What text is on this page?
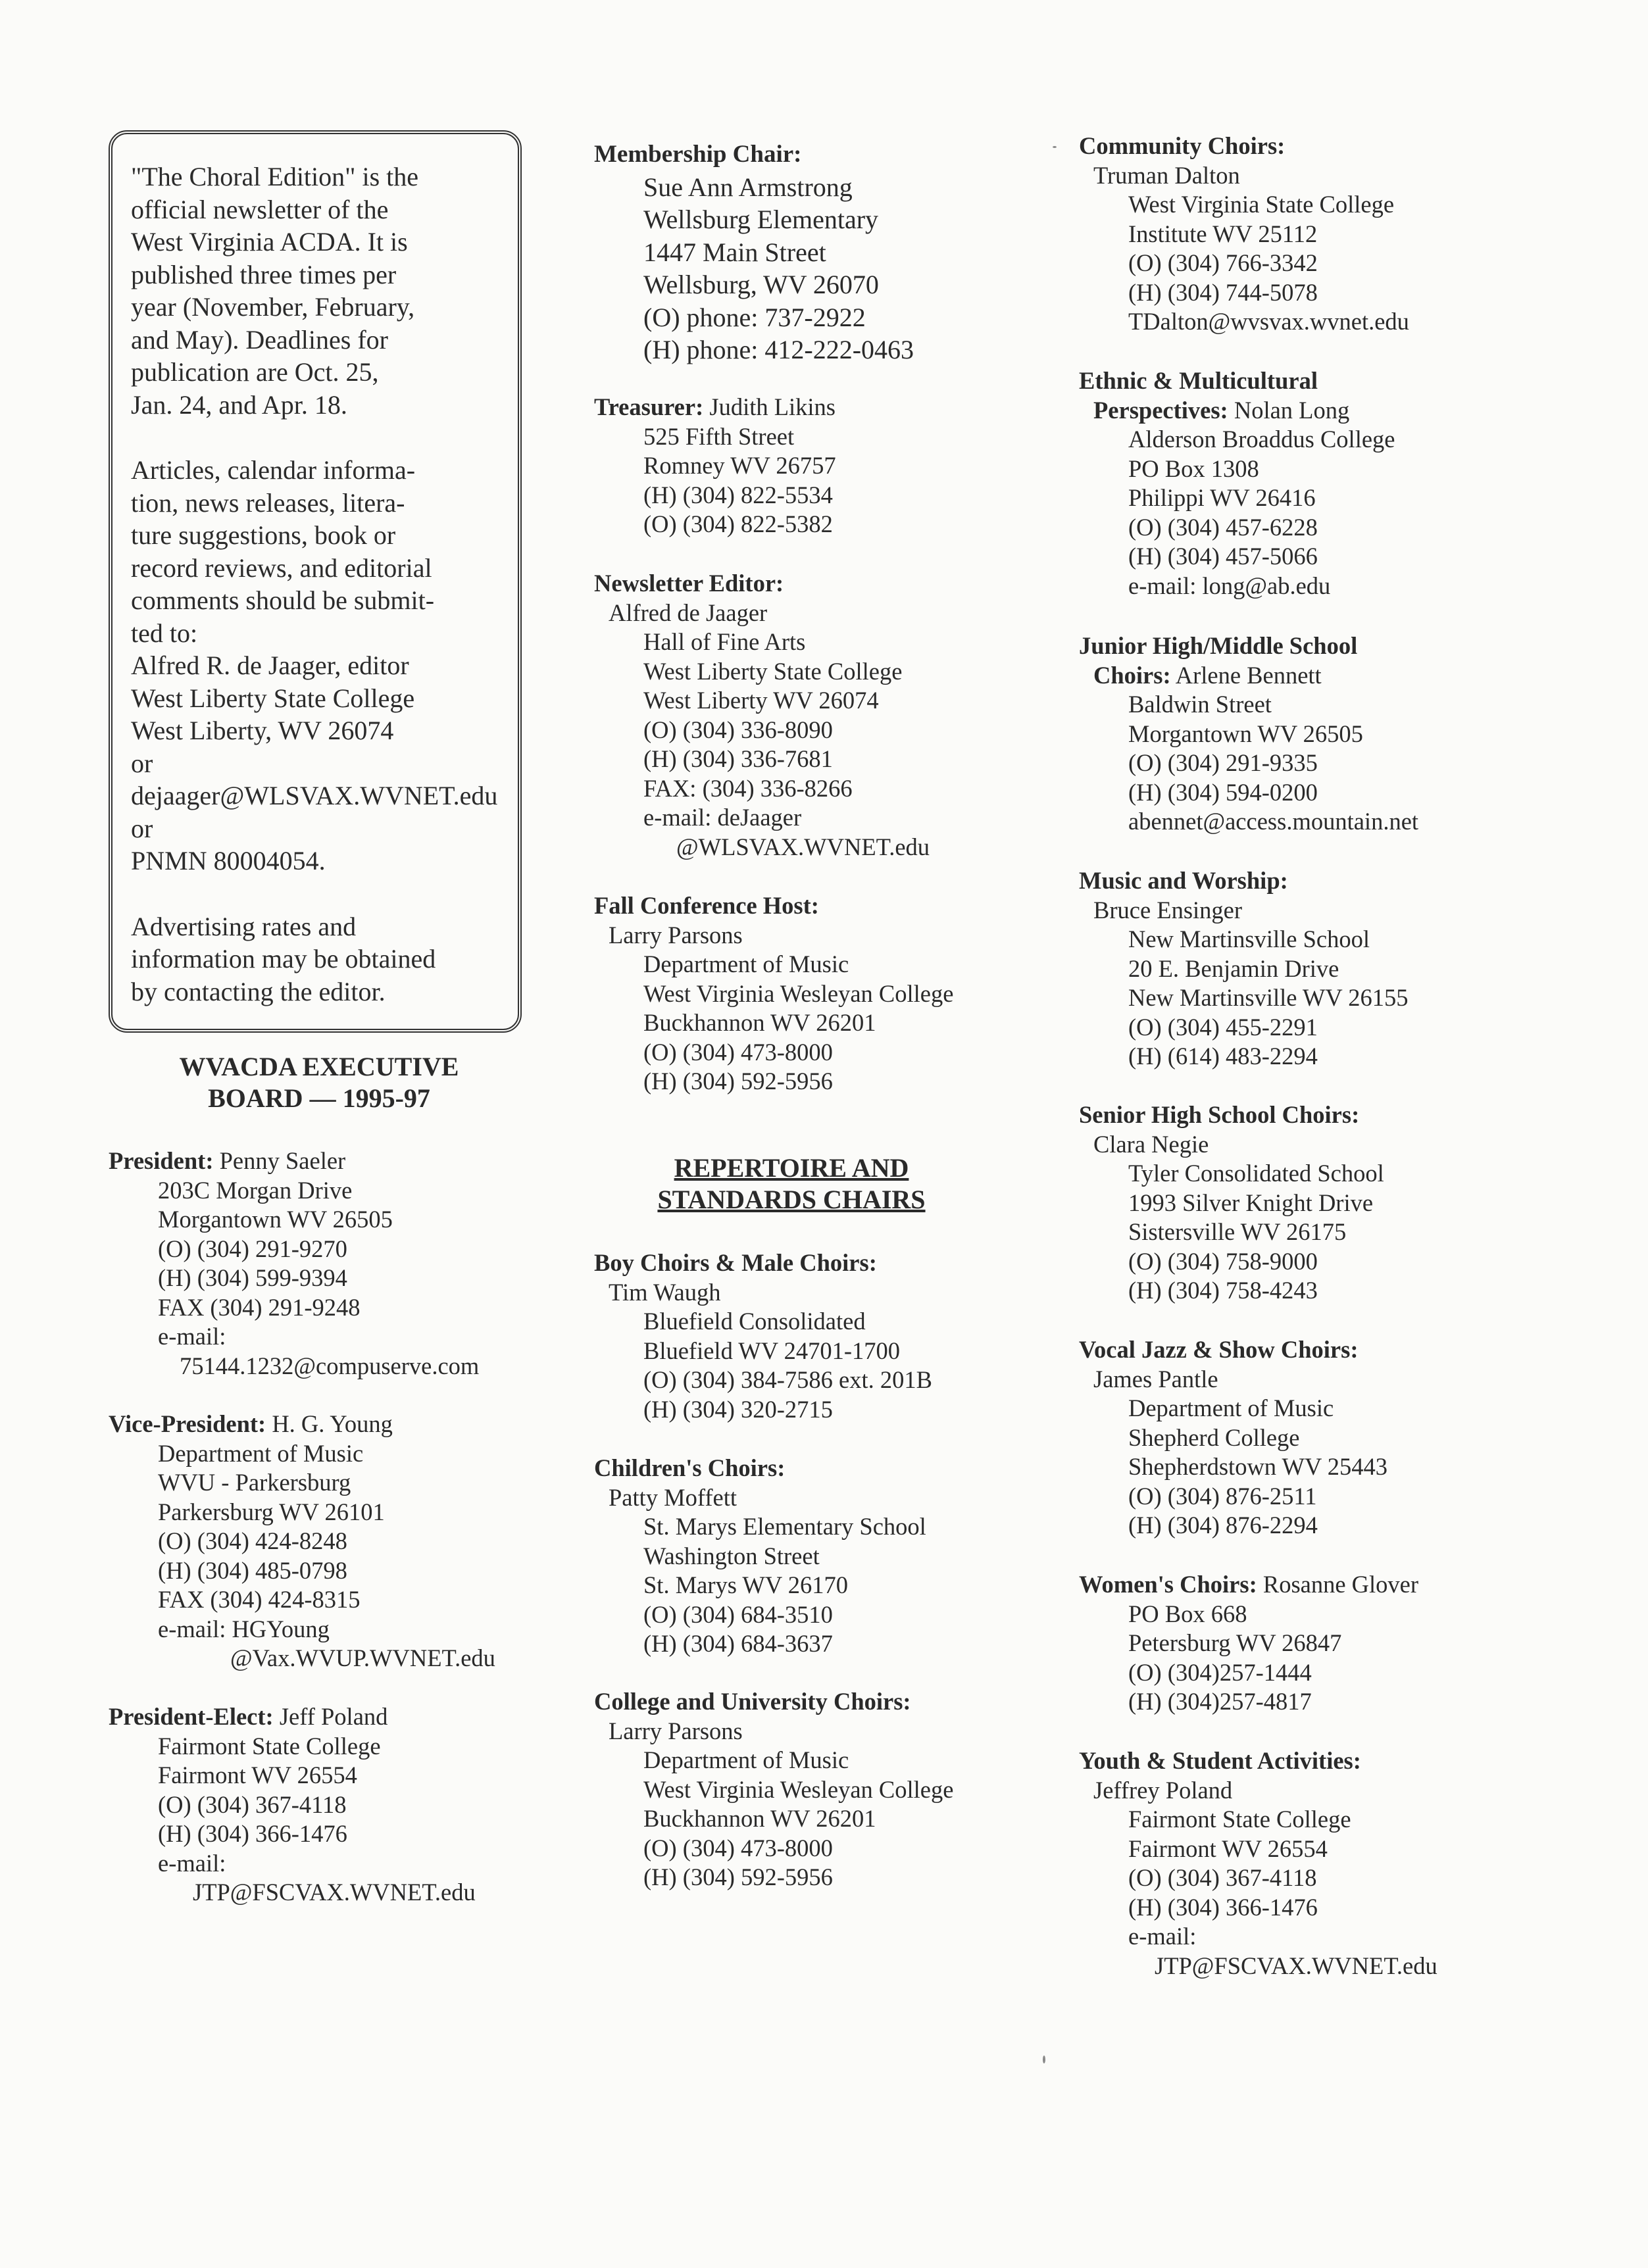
"The Choral Edition" is the
official newsletter of the
West Virginia ACDA. It is
published three times per
year (November, February,
and May). Deadlines for
publication are Oct. 25,
Jan. 24, and Apr. 18.

Articles, calendar informa-
tion, news releases, litera-
ture suggestions, book or
record reviews, and editorial
comments should be submit-
ted to:
Alfred R. de Jaager, editor
West Liberty State College
West Liberty, WV 26074
or
dejaager@WLSVAX.WVNET.edu
or
PNMN 80004054.

Advertising rates and
information may be obtained
by contacting the editor.

WVACDA EXECUTIVE
BOARD — 1995-97
President: Penny Saeler
203C Morgan Drive
Morgantown WV 26505
(O) (304) 291-9270
(H) (304) 599-9394
FAX (304) 291-9248
e-mail:
75144.1232@compuserve.com
Vice-President: H. G. Young
Department of Music
WVU - Parkersburg
Parkersburg WV 26101
(O) (304) 424-8248
(H) (304) 485-0798
FAX (304) 424-8315
e-mail: HGYoung
@Vax.WVUP.WVNET.edu
President-Elect: Jeff Poland
Fairmont State College
Fairmont WV 26554
(O) (304) 367-4118
(H) (304) 366-1476
e-mail:
JTP@FSCVAX.WVNET.edu
Membership Chair:
Sue Ann Armstrong
Wellsburg Elementary
1447 Main Street
Wellsburg, WV 26070
(O) phone: 737-2922
(H) phone: 412-222-0463
Treasurer: Judith Likins
525 Fifth Street
Romney WV 26757
(H) (304) 822-5534
(O) (304) 822-5382
Newsletter Editor:
Alfred de Jaager
Hall of Fine Arts
West Liberty State College
West Liberty WV 26074
(O) (304) 336-8090
(H) (304) 336-7681
FAX: (304) 336-8266
e-mail: deJaager
@WLSVAX.WVNET.edu
Fall Conference Host:
Larry Parsons
Department of Music
West Virginia Wesleyan College
Buckhannon WV 26201
(O) (304) 473-8000
(H) (304) 592-5956
REPERTOIRE AND
STANDARDS CHAIRS
Boy Choirs & Male Choirs:
Tim Waugh
Bluefield Consolidated
Bluefield WV 24701-1700
(O) (304) 384-7586 ext. 201B
(H) (304) 320-2715
Children's Choirs:
Patty Moffett
St. Marys Elementary School
Washington Street
St. Marys WV 26170
(O) (304) 684-3510
(H) (304) 684-3637
College and University Choirs:
Larry Parsons
Department of Music
West Virginia Wesleyan College
Buckhannon WV 26201
(O) (304) 473-8000
(H) (304) 592-5956
Community Choirs:
Truman Dalton
West Virginia State College
Institute WV 25112
(O) (304) 766-3342
(H) (304) 744-5078
TDalton@wvsvax.wvnet.edu
Ethnic & Multicultural
Perspectives: Nolan Long
Alderson Broaddus College
PO Box 1308
Philippi WV 26416
(O) (304) 457-6228
(H) (304) 457-5066
e-mail: long@ab.edu
Junior High/Middle School
Choirs: Arlene Bennett
Baldwin Street
Morgantown WV 26505
(O) (304) 291-9335
(H) (304) 594-0200
abennet@access.mountain.net
Music and Worship:
Bruce Ensinger
New Martinsville School
20 E. Benjamin Drive
New Martinsville WV 26155
(O) (304) 455-2291
(H) (614) 483-2294
Senior High School Choirs:
Clara Negie
Tyler Consolidated School
1993 Silver Knight Drive
Sistersville WV 26175
(O) (304) 758-9000
(H) (304) 758-4243
Vocal Jazz & Show Choirs:
James Pantle
Department of Music
Shepherd College
Shepherdstown WV 25443
(O) (304) 876-2511
(H) (304) 876-2294
Women's Choirs: Rosanne Glover
PO Box 668
Petersburg WV 26847
(O) (304)257-1444
(H) (304)257-4817
Youth & Student Activities:
Jeffrey Poland
Fairmont State College
Fairmont WV 26554
(O) (304) 367-4118
(H) (304) 366-1476
e-mail:
JTP@FSCVAX.WVNET.edu
